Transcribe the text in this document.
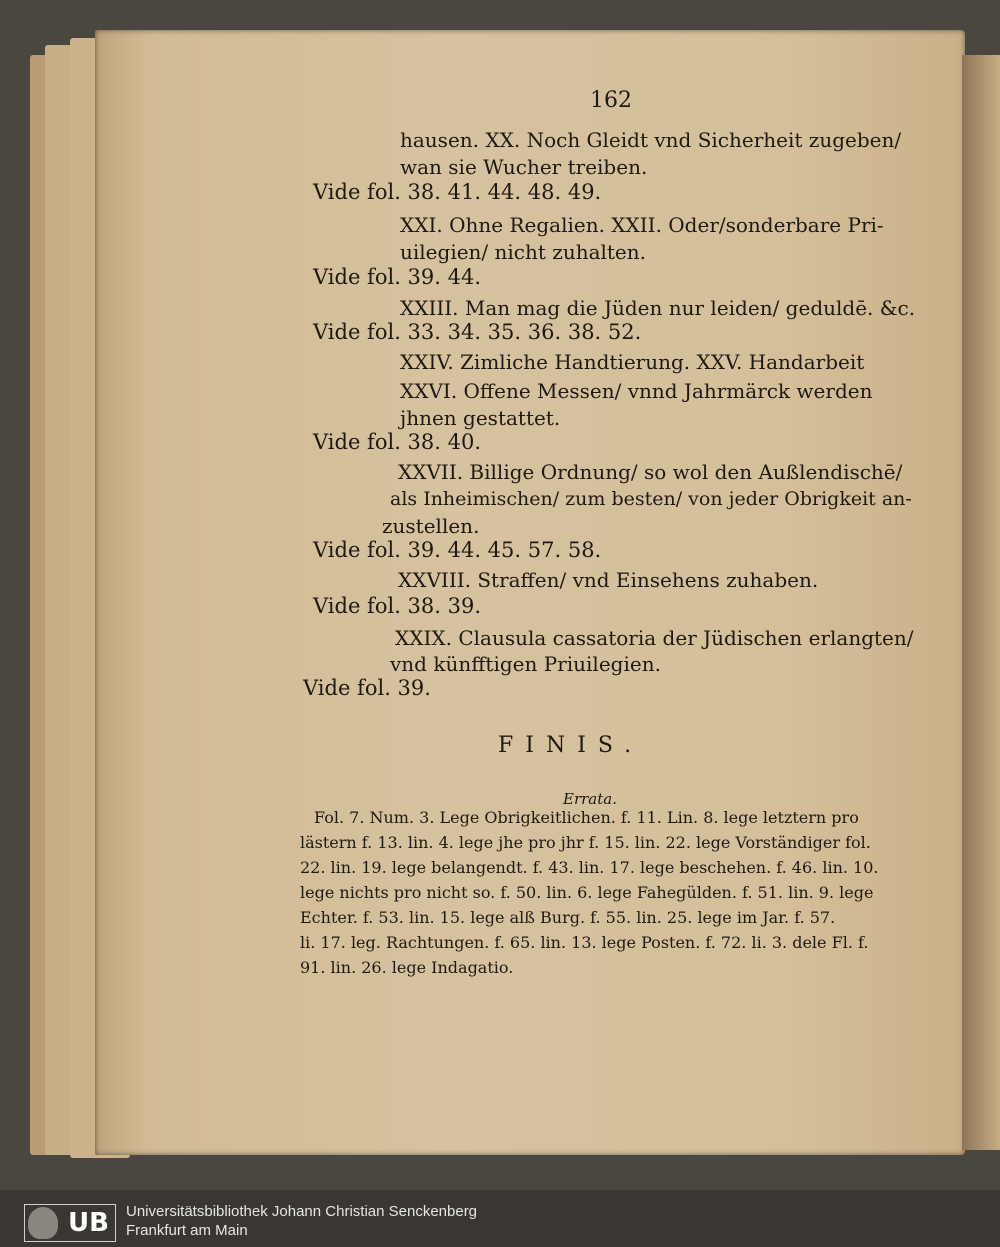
162
hausen. XX. Noch Gleidt vnd Sicherheit zugeben/
wan sie Wucher treiben.
Vide fol. 38. 41. 44. 48. 49.
XXI. Ohne Regalien. XXII. Oder/sonderbare Pri-
uilegien/ nicht zuhalten.
Vide fol. 39. 44.
XXIII. Man mag die Jüden nur leiden/ geduldē. &c.
Vide fol. 33. 34. 35. 36. 38. 52.
XXIV. Zimliche Handtierung. XXV. Handarbeit
XXVI. Offene Messen/ vnnd Jahrmärck werden
jhnen gestattet.
Vide fol. 38. 40.
XXVII. Billige Ordnung/ so wol den Außlendischē/
als Inheimischen/ zum besten/ von jeder Obrigkeit an-
zustellen.
Vide fol. 39. 44. 45. 57. 58.
XXVIII. Straffen/ vnd Einsehens zuhaben.
Vide fol. 38. 39.
XXIX. Clausula cassatoria der Jüdischen erlangten/
vnd künfftigen Priuilegien.
Vide fol. 39.
FINIS.
Errata.

Fol. 7. Num. 3. Lege Obrigkeitlichen. f. 11. Lin. 8. lege letztern pro

lästern f. 13. lin. 4. lege jhe pro jhr f. 15. lin. 22. lege Vorständiger fol.

22. lin. 19. lege belangendt. f. 43. lin. 17. lege beschehen. f. 46. lin. 10.

lege nichts pro nicht so. f. 50. lin. 6. lege Fahegülden. f. 51. lin. 9. lege

Echter. f. 53. lin. 15. lege alß Burg. f. 55. lin. 25. lege im Jar. f. 57.

li. 17. leg. Rachtungen. f. 65. lin. 13. lege Posten. f. 72. li. 3. dele Fl. f.

91. lin. 26. lege Indagatio.

UB Universitätsbibliothek Johann Christian Senckenberg
Frankfurt am Main
